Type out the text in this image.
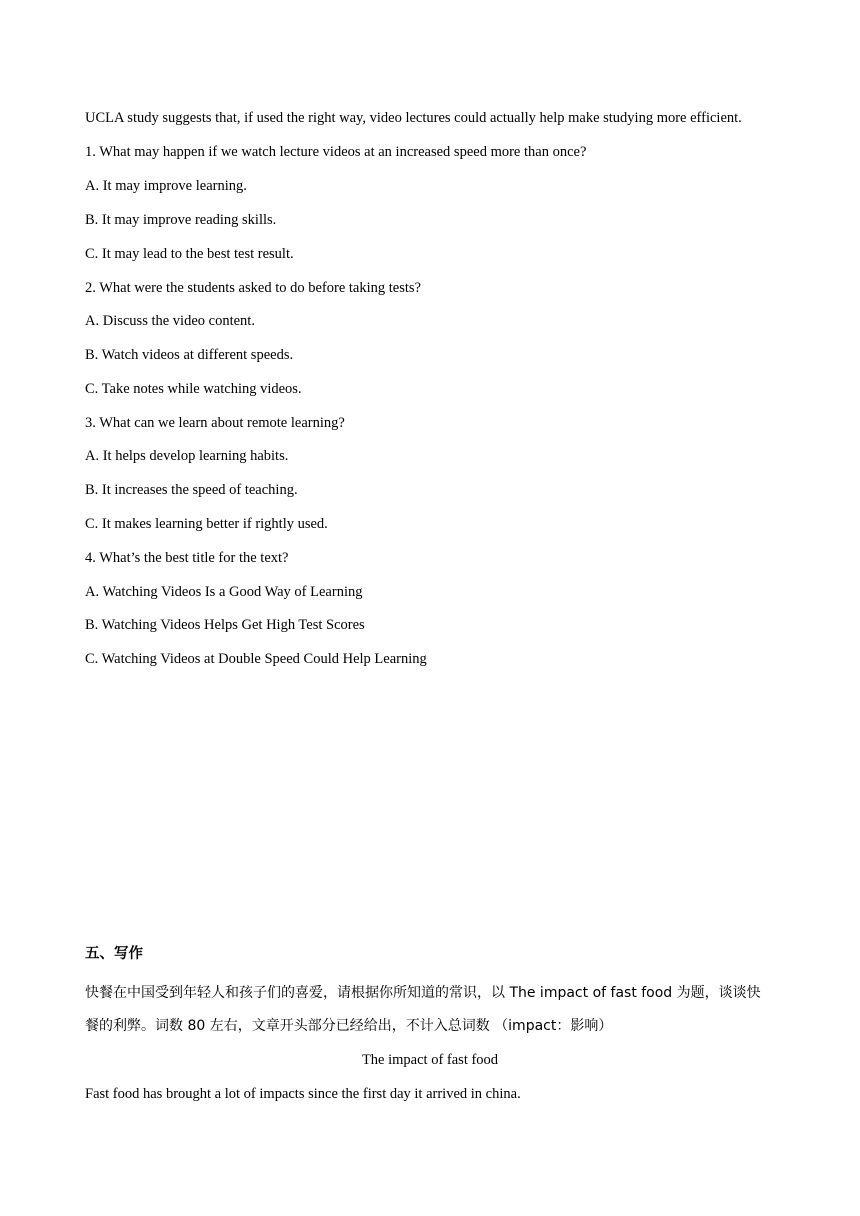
UCLA study suggests that, if used the right way, video lectures could actually help make studying more efficient.
1. What may happen if we watch lecture videos at an increased speed more than once?
A. It may improve learning.
B. It may improve reading skills.
C. It may lead to the best test result.
2. What were the students asked to do before taking tests?
A. Discuss the video content.
B. Watch videos at different speeds.
C. Take notes while watching videos.
3. What can we learn about remote learning?
A. It helps develop learning habits.
B. It increases the speed of teaching.
C. It makes learning better if rightly used.
4. What’s the best title for the text?
A. Watching Videos Is a Good Way of Learning
B. Watching Videos Helps Get High Test Scores
C. Watching Videos at Double Speed Could Help Learning
五、写作
快餐在中国受到年轻人和孩子们的喜爱，请根据你所知道的常识，以 The impact of fast food 为题，谈谈快
餐的利弊。词数 80 左右，文章开头部分已经给出，不计入总词数 （impact：影响）
The impact of fast food
Fast food has brought a lot of impacts since the first day it arrived in china.
